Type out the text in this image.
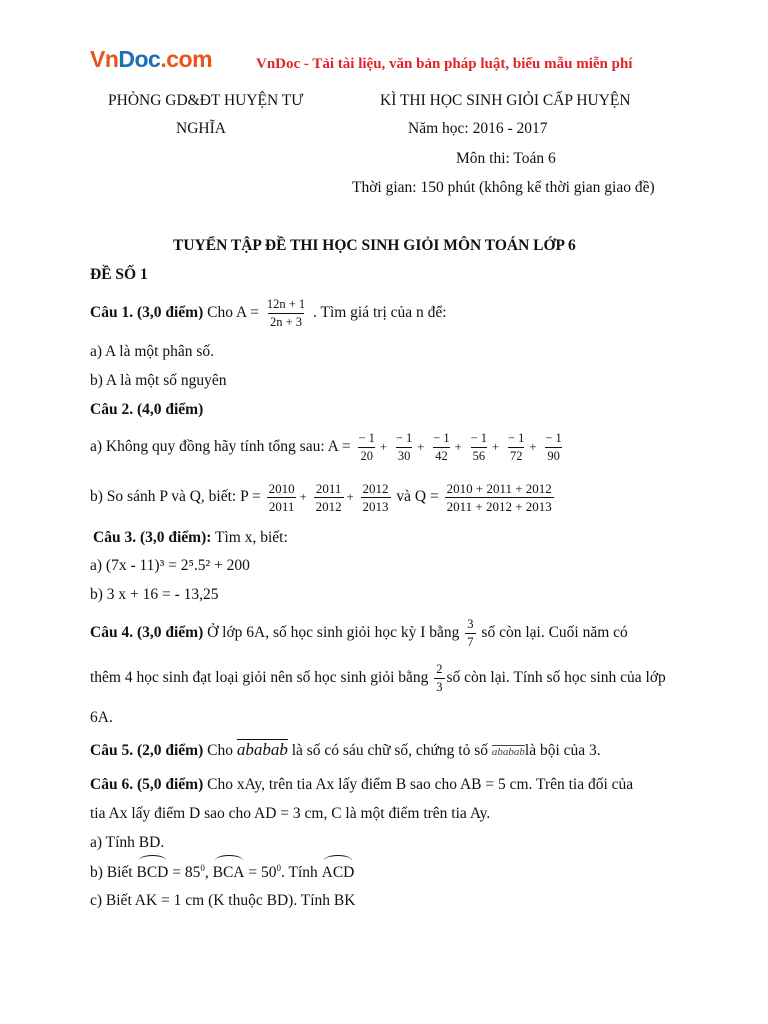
VnDoc.com	VnDoc - Tải tài liệu, văn bản pháp luật, biểu mẫu miễn phí
PHÒNG GD&ĐT HUYỆN TƯ
NGHĨA
KÌ THI HỌC SINH GIỎI CẤP HUYỆN
Năm học: 2016 - 2017
Môn thi: Toán 6
Thời gian: 150 phút (không kể thời gian giao đề)
TUYỂN TẬP ĐỀ THI HỌC SINH GIỎI MÔN TOÁN LỚP 6
ĐỀ SỐ 1
Câu 1. (3,0 điểm) Cho $A = \frac{12n + 1}{2n + 3}$ . Tìm giá trị của n để:
a) A là một phân số.
b) A là một số nguyên
Câu 2. (4,0 điểm)
a) Không quy đồng hãy tính tổng sau: $A = \frac{- 1}{20} + \frac{- 1}{30} + \frac{- 1}{42} + \frac{- 1}{56} + \frac{- 1}{72} + \frac{- 1}{90}$
b) So sánh P và Q, biết: $P = \frac{2010}{2011} + \frac{2011}{2012} + \frac{2012}{2013}$ và $Q = \frac{2010 + 2011 + 2012}{2011 + 2012 + 2013}$
Câu 3. (3,0 điểm): Tìm x, biết:
a) (7x - 11)³ = 2⁵.5² + 200
b) 3 x + 16 = - 13,25
Câu 4. (3,0 điểm) Ở lớp 6A, số học sinh giỏi học kỳ I bằng $\frac{3}{7}$ số còn lại. Cuối năm có
thêm 4 học sinh đạt loại giỏi nên số học sinh giỏi bằng $\frac{2}{3}$ số còn lại. Tính số học sinh của lớp
6A.
Câu 5. (2,0 điểm) Cho ababab là số có sáu chữ số, chứng tỏ số ababablà bội của 3.
Câu 6. (5,0 điểm) Cho xAy, trên tia Ax lấy điểm B sao cho AB = 5 cm. Trên tia đối của
tia Ax lấy điểm D sao cho AD = 3 cm, C là một điểm trên tia Ay.
a) Tính BD.
b) Biết BCD = $85^0$, BCA = $50^0$. Tính ACD
c) Biết AK = 1 cm (K thuộc BD). Tính BK
